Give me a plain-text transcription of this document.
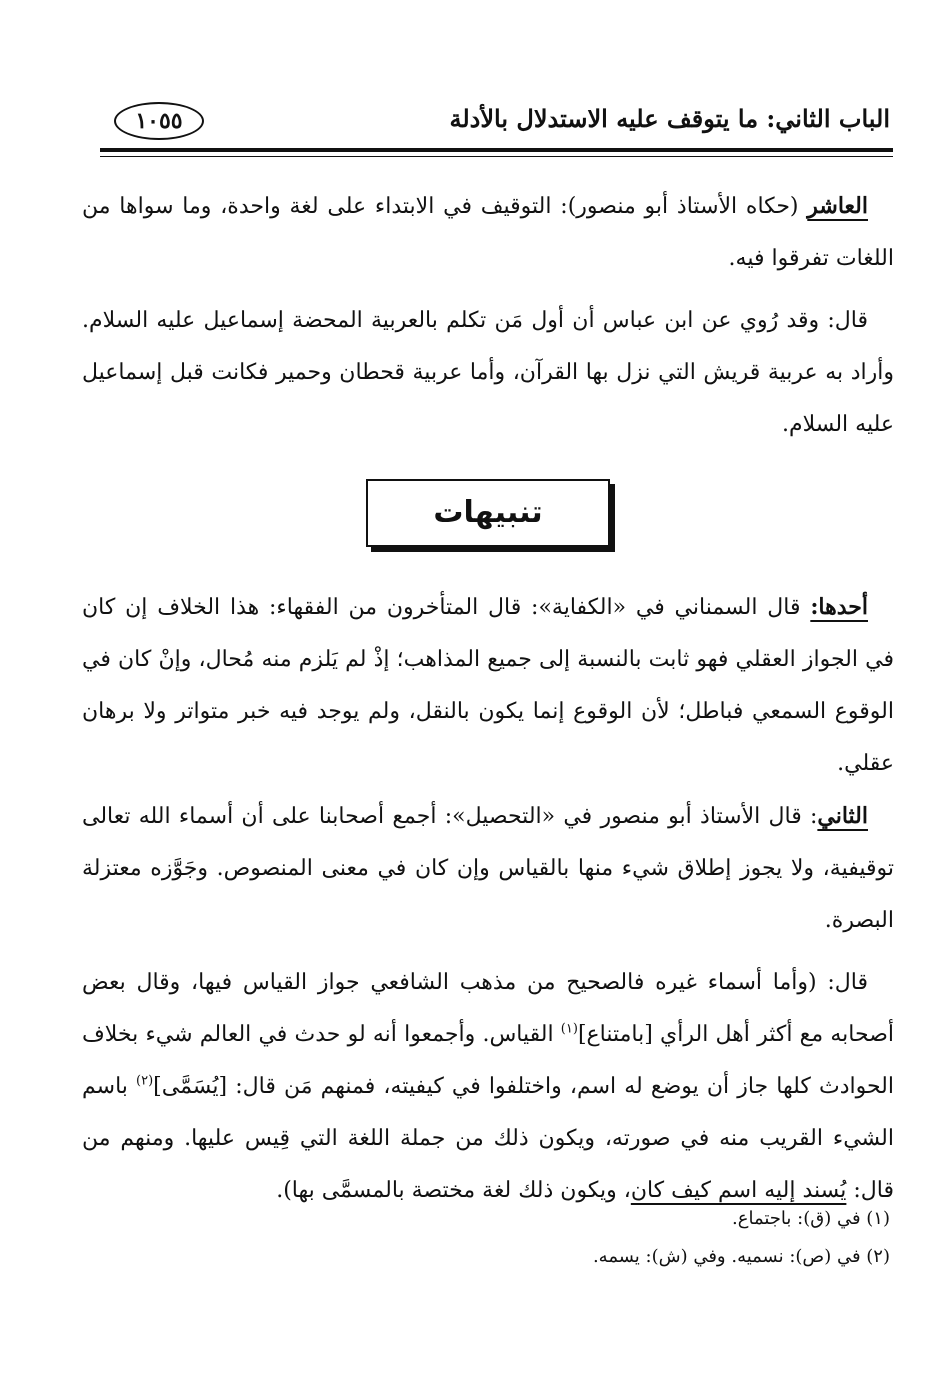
الباب الثاني: ما يتوقف عليه الاستدلال بالأدلة
١٠٥٥

العاشر (حكاه الأستاذ أبو منصور): التوقيف في الابتداء على لغة واحدة، وما سواها من اللغات تفرقوا فيه.

قال: وقد رُوي عن ابن عباس أن أول مَن تكلم بالعربية المحضة إسماعيل عليه السلام. وأراد به عربية قريش التي نزل بها القرآن، وأما عربية قحطان وحمير فكانت قبل إسماعيل عليه السلام.

تنبيهات

أحدها: قال السمناني في «الكفاية»: قال المتأخرون من الفقهاء: هذا الخلاف إن كان في الجواز العقلي فهو ثابت بالنسبة إلى جميع المذاهب؛ إذْ لم يَلزم منه مُحال، وإنْ كان في الوقوع السمعي فباطل؛ لأن الوقوع إنما يكون بالنقل، ولم يوجد فيه خبر متواتر ولا برهان عقلي.

الثاني: قال الأستاذ أبو منصور في «التحصيل»: أجمع أصحابنا على أن أسماء الله تعالى توقيفية، ولا يجوز إطلاق شيء منها بالقياس وإن كان في معنى المنصوص. وجَوَّزه معتزلة البصرة.

قال: (وأما أسماء غيره فالصحيح من مذهب الشافعي جواز القياس فيها، وقال بعض أصحابه مع أكثر أهل الرأي [بامتناع]$^{(١)}$ القياس. وأجمعوا أنه لو حدث في العالم شيء بخلاف الحوادث كلها جاز أن يوضع له اسم، واختلفوا في كيفيته، فمنهم مَن قال: [يُسَمَّى]$^{(٢)}$ باسم الشيء القريب منه في صورته، ويكون ذلك من جملة اللغة التي قِيس عليها. ومنهم من قال: يُسند إليه اسم كيف كان، ويكون ذلك لغة مختصة بالمسمَّى بها).

(١) في (ق): باجتماع.

(٢) في (ص): نسميه. وفي (ش): يسمه.
